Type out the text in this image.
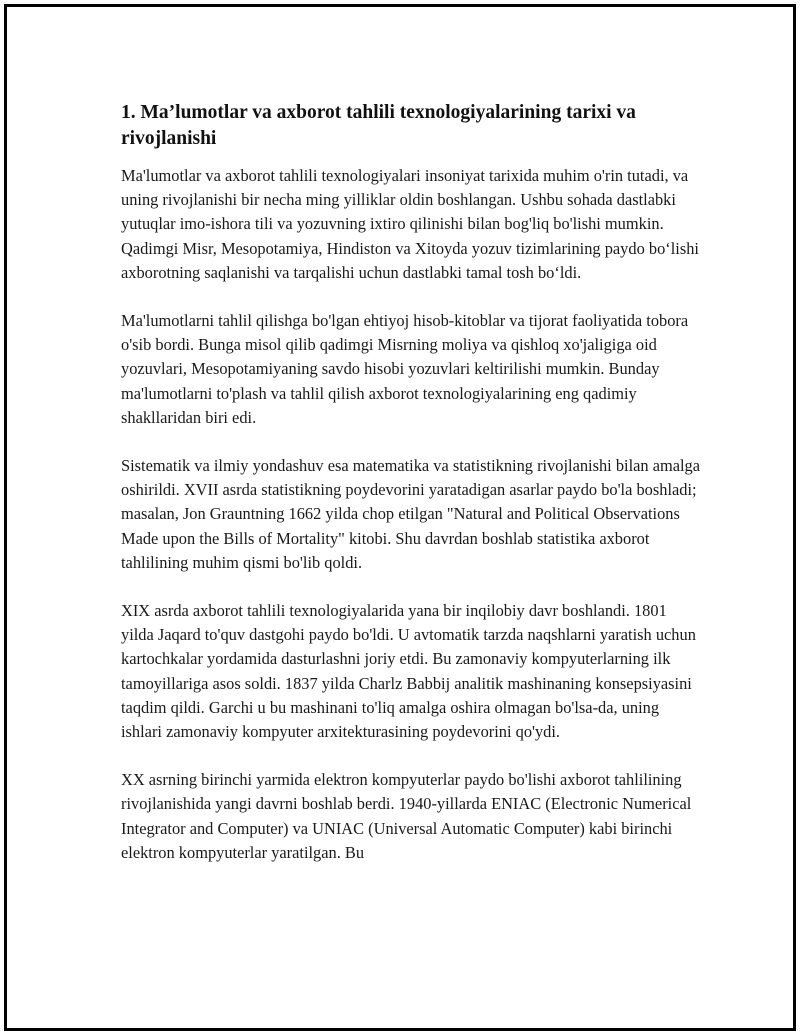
1. Ma’lumotlar va axborot tahlili texnologiyalarining tarixi va rivojlanishi

Ma'lumotlar va axborot tahlili texnologiyalari insoniyat tarixida muhim o'rin tutadi, va uning rivojlanishi bir necha ming yilliklar oldin boshlangan. Ushbu sohada dastlabki yutuqlar imo-ishora tili va yozuvning ixtiro qilinishi bilan bog'liq bo'lishi mumkin. Qadimgi Misr, Mesopotamiya, Hindiston va Xitoyda yozuv tizimlarining paydo bo‘lishi axborotning saqlanishi va tarqalishi uchun dastlabki tamal tosh bo‘ldi.

Ma'lumotlarni tahlil qilishga bo'lgan ehtiyoj hisob-kitoblar va tijorat faoliyatida tobora o'sib bordi. Bunga misol qilib qadimgi Misrning moliya va qishloq xo'jaligiga oid yozuvlari, Mesopotamiyaning savdo hisobi yozuvlari keltirilishi mumkin. Bunday ma'lumotlarni to'plash va tahlil qilish axborot texnologiyalarining eng qadimiy shakllaridan biri edi.

Sistematik va ilmiy yondashuv esa matematika va statistikning rivojlanishi bilan amalga oshirildi. XVII asrda statistikning poydevorini yaratadigan asarlar paydo bo'la boshladi; masalan, Jon Grauntning 1662 yilda chop etilgan "Natural and Political Observations Made upon the Bills of Mortality" kitobi. Shu davrdan boshlab statistika axborot tahlilining muhim qismi bo'lib qoldi.

XIX asrda axborot tahlili texnologiyalarida yana bir inqilobiy davr boshlandi. 1801 yilda Jaqard to'quv dastgohi paydo bo'ldi. U avtomatik tarzda naqshlarni yaratish uchun kartochkalar yordamida dasturlashni joriy etdi. Bu zamonaviy kompyuterlarning ilk tamoyillariga asos soldi. 1837 yilda Charlz Babbij analitik mashinaning konsepsiyasini taqdim qildi. Garchi u bu mashinani to'liq amalga oshira olmagan bo'lsa-da, uning ishlari zamonaviy kompyuter arxitekturasining poydevorini qo'ydi.

XX asrning birinchi yarmida elektron kompyuterlar paydo bo'lishi axborot tahlilining rivojlanishida yangi davrni boshlab berdi. 1940-yillarda ENIAC (Electronic Numerical Integrator and Computer) va UNIAC (Universal Automatic Computer) kabi birinchi elektron kompyuterlar yaratilgan. Bu
